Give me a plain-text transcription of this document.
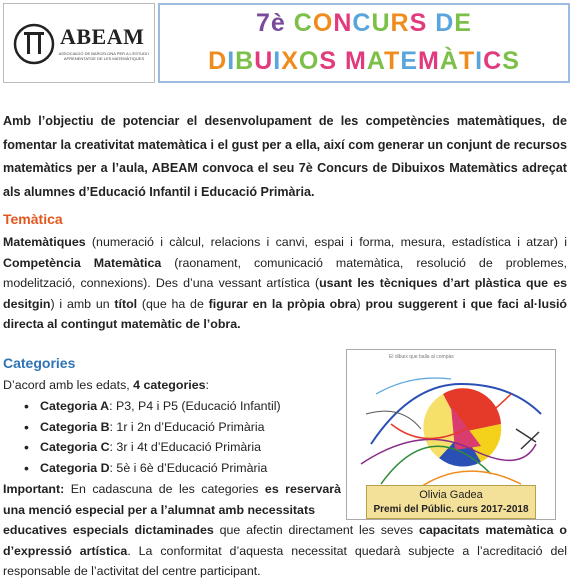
ABEAM
ASSOCIACIÓ DE BARCELONA PER A L'ESTUDI I APRENENTATGE DE LES MATEMÀTIQUES
7è CONCURS DE
DIBUIXOS MATEMÀTICS

Amb l’objectiu de potenciar el desenvolupament de les competències matemàtiques, de fomentar la creativitat matemàtica i el gust per a ella, així com generar un conjunt de recursos matemàtics per a l’aula, ABEAM convoca el seu 7è Concurs de Dibuixos Matemàtics adreçat als alumnes d’Educació Infantil i Educació Primària.

Temàtica

Matemàtiques (numeració i càlcul, relacions i canvi, espai i forma, mesura, estadística i atzar) i Competència Matemàtica (raonament, comunicació matemàtica, resolució de problemes, modelització, connexions). Des d’una vessant artística (usant les tècniques d’art plàstica que es desitgin) i amb un títol (que ha de figurar en la pròpia obra) prou suggerent i que faci al·lusió directa al contingut matemàtic de l’obra.

Categories

D’acord amb les edats, 4 categories:

• Categoria A: P3, P4 i P5 (Educació Infantil)
• Categoria B: 1r i 2n d’Educació Primària
• Categoria C: 3r i 4t d’Educació Primària
• Categoria D: 5è i 6è d’Educació Primària

Important: En cadascuna de les categories es reservarà una menció especial per a l’alumnat amb necessitats

educatives especials dictaminades que afectin directament les seves capacitats matemàtica o d’expressió artística. La conformitat d’aquesta necessitat quedarà subjecte a l’acreditació del responsable de l’activitat del centre participant.

El dibuix que balla al compàs
Olivia Gadea
Premi del Públic. curs 2017-2018
